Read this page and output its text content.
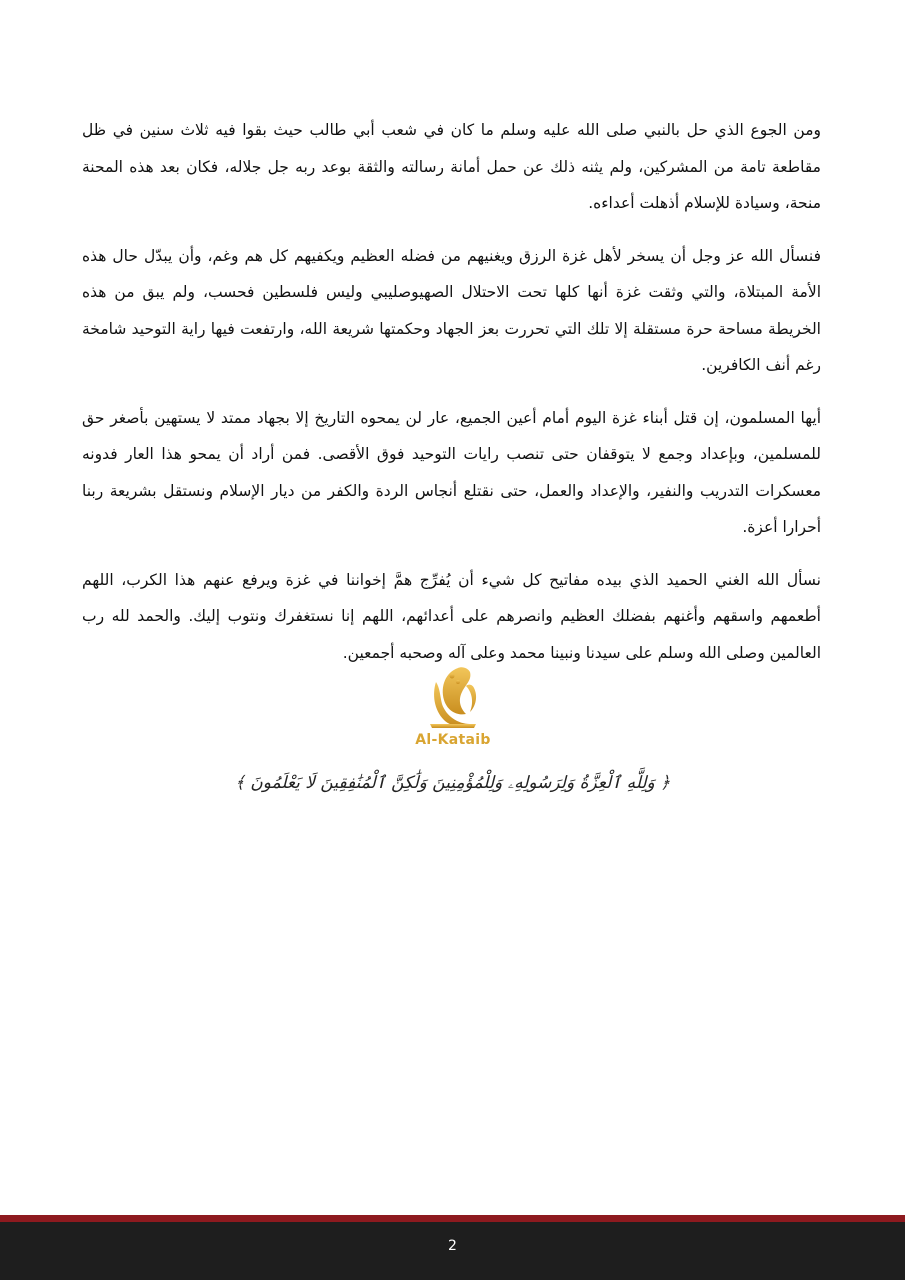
ومن الجوع الذي حل بالنبي صلى الله عليه وسلم ما كان في شعب أبي طالب حيث بقوا فيه ثلاث سنين في ظل مقاطعة تامة من المشركين، ولم يثنه ذلك عن حمل أمانة رسالته والثقة بوعد ربه جل جلاله، فكان بعد هذه المحنة منحة، وسيادة للإسلام أذهلت أعداءه.

فنسأل الله عز وجل أن يسخر لأهل غزة الرزق ويغنيهم من فضله العظيم ويكفيهم كل هم وغم، وأن يبدّل حال هذه الأمة المبتلاة، والتي وثقت غزة أنها كلها تحت الاحتلال الصهيوصليبي وليس فلسطين فحسب، ولم يبق من هذه الخريطة مساحة حرة مستقلة إلا تلك التي تحررت بعز الجهاد وحكمتها شريعة الله، وارتفعت فيها راية التوحيد شامخة رغم أنف الكافرين.

أيها المسلمون، إن قتل أبناء غزة اليوم أمام أعين الجميع، عار لن يمحوه التاريخ إلا بجهاد ممتد لا يستهين بأصغر حق للمسلمين، وبإعداد وجمع لا يتوقفان حتى تنصب رايات التوحيد فوق الأقصى. فمن أراد أن يمحو هذا العار فدونه معسكرات التدريب والنفير، والإعداد والعمل، حتى نقتلع أنجاس الردة والكفر من ديار الإسلام ونستقل بشريعة ربنا أحرارا أعزة.

نسأل الله الغني الحميد الذي بيده مفاتيح كل شيء أن يُفرِّج همَّ إخواننا في غزة ويرفع عنهم هذا الكرب، اللهم أطعمهم واسقهم وأغنهم بفضلك العظيم وانصرهم على أعدائهم، اللهم إنا نستغفرك ونتوب إليك. والحمد لله رب العالمين وصلى الله وسلم على سيدنا ونبينا محمد وعلى آله وصحبه أجمعين.

Al-Kataib
﴿ وَلِلَّهِ ٱلْعِزَّةُ وَلِرَسُولِهِۦ وَلِلْمُؤْمِنِينَ وَلَٰكِنَّ ٱلْمُنَٰفِقِينَ لَا يَعْلَمُونَ ﴾
2
